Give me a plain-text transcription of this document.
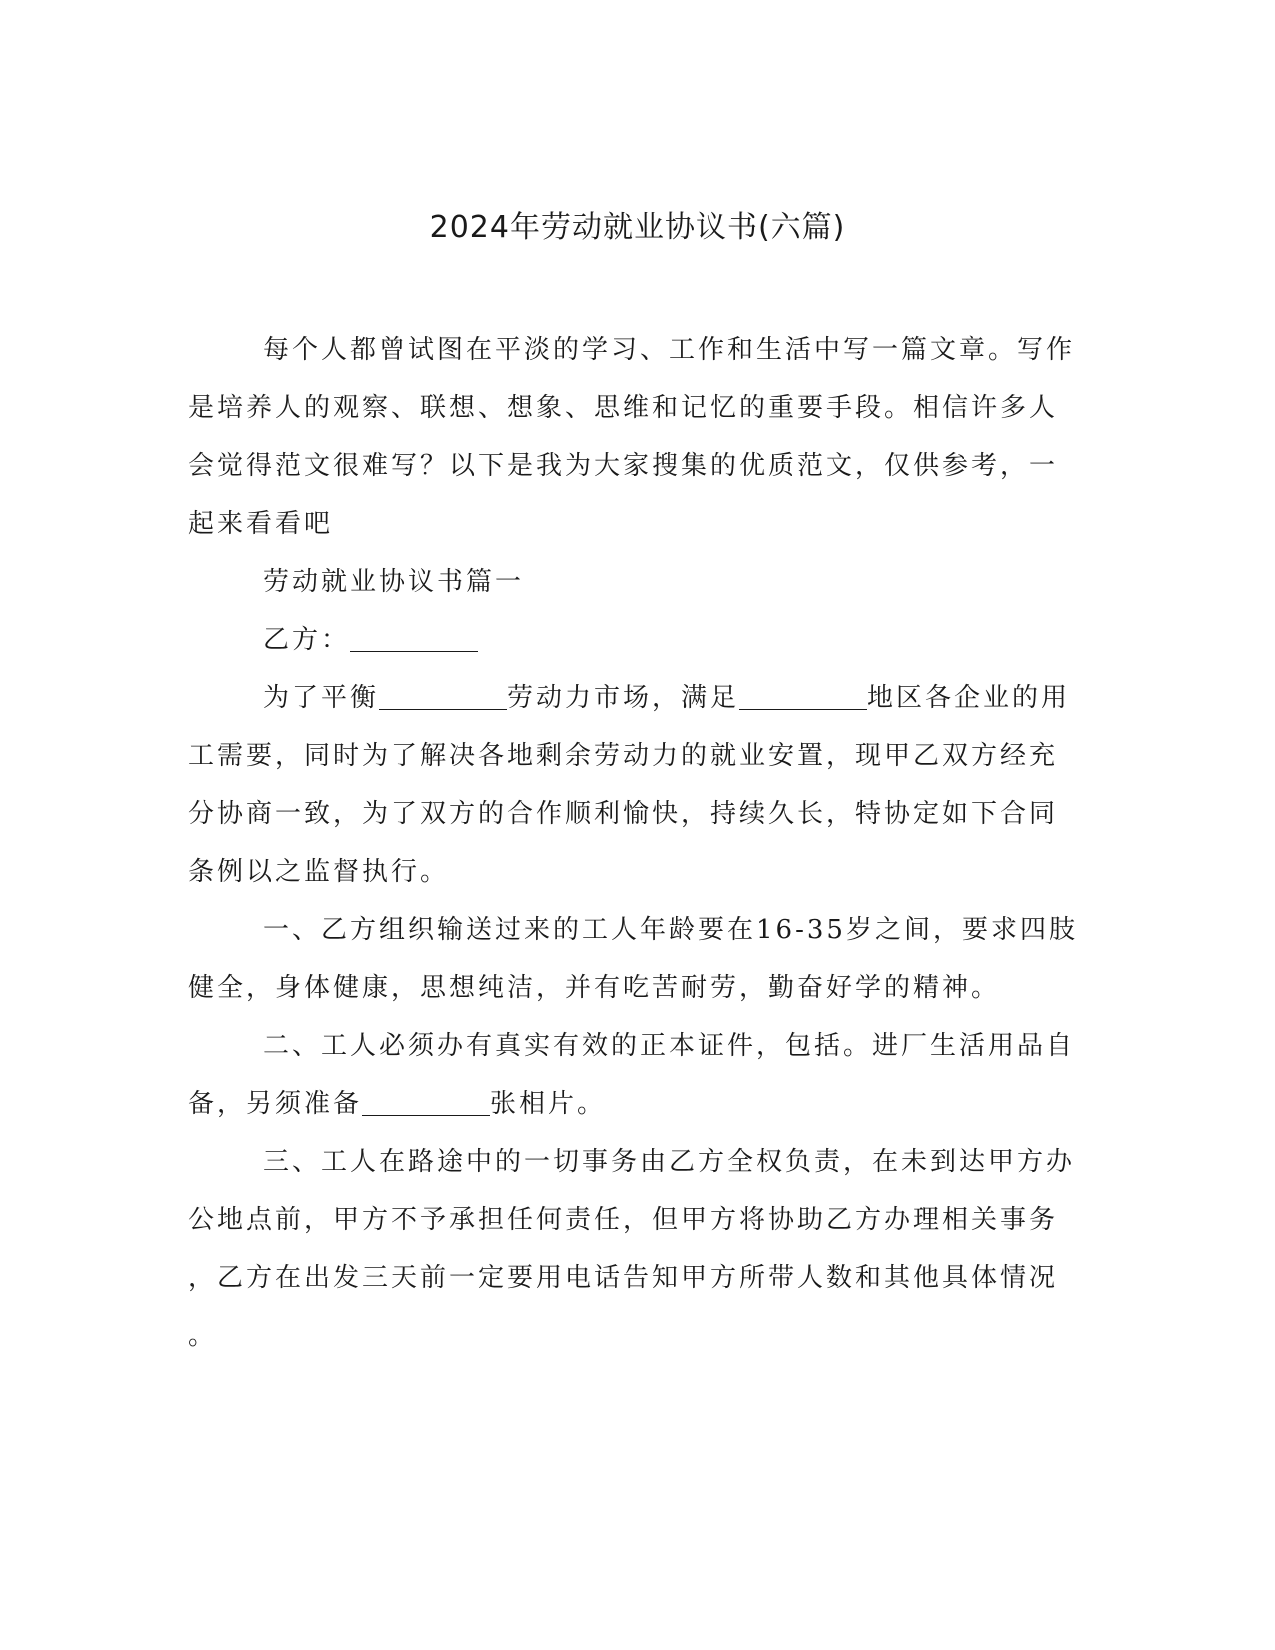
2024年劳动就业协议书(六篇)
每个人都曾试图在平淡的学习、工作和生活中写一篇文章。写作
是培养人的观察、联想、想象、思维和记忆的重要手段。相信许多人
会觉得范文很难写？以下是我为大家搜集的优质范文，仅供参考，一
起来看看吧
劳动就业协议书篇一
乙方：
为了平衡	劳动力市场，满足	地区各企业的用
工需要，同时为了解决各地剩余劳动力的就业安置，现甲乙双方经充
分协商一致，为了双方的合作顺利愉快，持续久长，特协定如下合同
条例以之监督执行。
一、乙方组织输送过来的工人年龄要在16-35岁之间，要求四肢
健全，身体健康，思想纯洁，并有吃苦耐劳，勤奋好学的精神。
二、工人必须办有真实有效的正本证件，包括。进厂生活用品自
备，另须准备	张相片。
三、工人在路途中的一切事务由乙方全权负责，在未到达甲方办
公地点前，甲方不予承担任何责任，但甲方将协助乙方办理相关事务
，乙方在出发三天前一定要用电话告知甲方所带人数和其他具体情况
。
